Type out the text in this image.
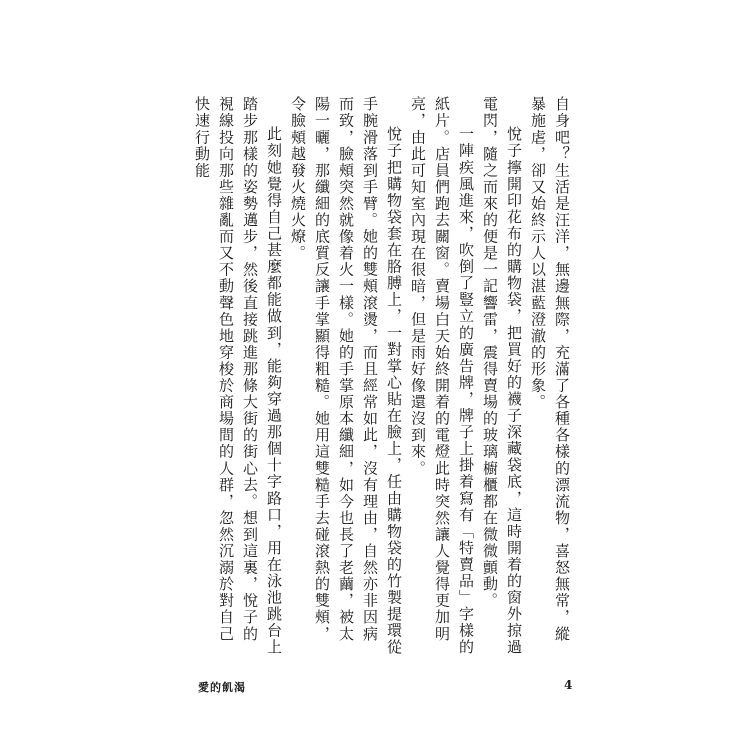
自身吧？生活是汪洋，無邊無際，充滿了各種各樣的漂流物，喜怒無常，縱暴施虐，卻又始終示人以湛藍澄澈的形象。

悅子擰開印花布的購物袋，把買好的襪子深藏袋底，這時開着的窗外掠過電閃，隨之而來的便是一記響雷，震得賣場的玻璃櫥櫃都在微微顫動。

一陣疾風進來，吹倒了豎立的廣告牌，牌子上掛着寫有「特賣品」字樣的紙片。店員們跑去關窗。賣場白天始終開着的電燈此時突然讓人覺得更加明亮，由此可知室內現在很暗，但是雨好像還沒到來。

悅子把購物袋套在胳膊上，一對掌心貼在臉上，任由購物袋的竹製提環從手腕滑落到手臂。她的雙頰滾燙，而且經常如此，沒有理由，自然亦非因病而致，臉頰突然就像着火一樣。她的手掌原本纖細，如今也長了老繭，被太陽一曬，那纖細的底質反讓手掌顯得粗糙。她用這雙糙手去碰滾熱的雙頰，令臉頰越發火燒火燎。

此刻她覺得自己甚麼都能做到，能夠穿過那個十字路口，用在泳池跳台上踏步那樣的姿勢邁步，然後直接跳進那條大街的街心去。想到這裏，悅子的視線投向那些雜亂而又不動聲色地穿梭於商場間的人群，忽然沉溺於對自己快速行動能

愛的飢渴	4
